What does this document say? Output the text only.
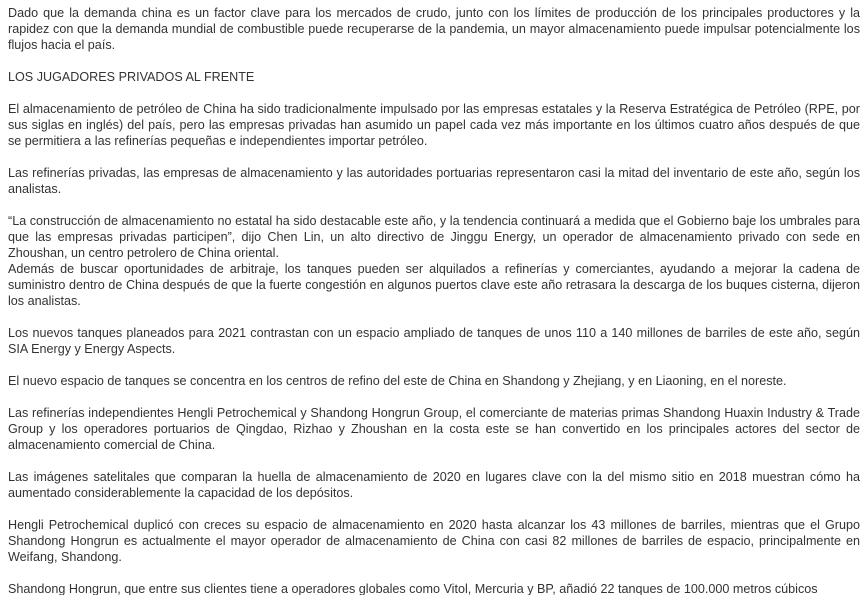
Dado que la demanda china es un factor clave para los mercados de crudo, junto con los límites de producción de los principales productores y la rapidez con que la demanda mundial de combustible puede recuperarse de la pandemia, un mayor almacenamiento puede impulsar potencialmente los flujos hacia el país.

LOS JUGADORES PRIVADOS AL FRENTE

El almacenamiento de petróleo de China ha sido tradicionalmente impulsado por las empresas estatales y la Reserva Estratégica de Petróleo (RPE, por sus siglas en inglés) del país, pero las empresas privadas han asumido un papel cada vez más importante en los últimos cuatro años después de que se permitiera a las refinerías pequeñas e independientes importar petróleo.

Las refinerías privadas, las empresas de almacenamiento y las autoridades portuarias representaron casi la mitad del inventario de este año, según los analistas.

“La construcción de almacenamiento no estatal ha sido destacable este año, y la tendencia continuará a medida que el Gobierno baje los umbrales para que las empresas privadas participen”, dijo Chen Lin, un alto directivo de Jinggu Energy, un operador de almacenamiento privado con sede en Zhoushan, un centro petrolero de China oriental.

Además de buscar oportunidades de arbitraje, los tanques pueden ser alquilados a refinerías y comerciantes, ayudando a mejorar la cadena de suministro dentro de China después de que la fuerte congestión en algunos puertos clave este año retrasara la descarga de los buques cisterna, dijeron los analistas.

Los nuevos tanques planeados para 2021 contrastan con un espacio ampliado de tanques de unos 110 a 140 millones de barriles de este año, según SIA Energy y Energy Aspects.

El nuevo espacio de tanques se concentra en los centros de refino del este de China en Shandong y Zhejiang, y en Liaoning, en el noreste.

Las refinerías independientes Hengli Petrochemical y Shandong Hongrun Group, el comerciante de materias primas Shandong Huaxin Industry & Trade Group y los operadores portuarios de Qingdao, Rizhao y Zhoushan en la costa este se han convertido en los principales actores del sector de almacenamiento comercial de China.

Las imágenes satelitales que comparan la huella de almacenamiento de 2020 en lugares clave con la del mismo sitio en 2018 muestran cómo ha aumentado considerablemente la capacidad de los depósitos.

Hengli Petrochemical duplicó con creces su espacio de almacenamiento en 2020 hasta alcanzar los 43 millones de barriles, mientras que el Grupo Shandong Hongrun es actualmente el mayor operador de almacenamiento de China con casi 82 millones de barriles de espacio, principalmente en Weifang, Shandong.

Shandong Hongrun, que entre sus clientes tiene a operadores globales como Vitol, Mercuria y BP, añadió 22 tanques de 100.000 metros cúbicos
